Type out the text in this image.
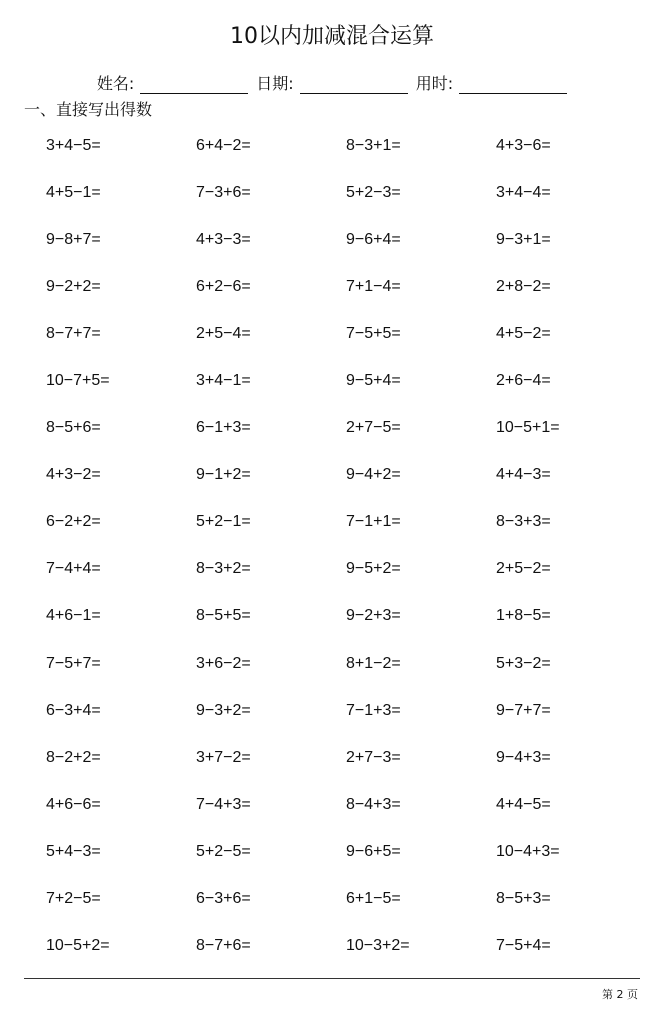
10以内加减混合运算
姓名:	日期:	用时:
一、直接写出得数
3+4−5=	6+4−2=	8−3+1=	4+3−6=
4+5−1=	7−3+6=	5+2−3=	3+4−4=
9−8+7=	4+3−3=	9−6+4=	9−3+1=
9−2+2=	6+2−6=	7+1−4=	2+8−2=
8−7+7=	2+5−4=	7−5+5=	4+5−2=
10−7+5=	3+4−1=	9−5+4=	2+6−4=
8−5+6=	6−1+3=	2+7−5=	10−5+1=
4+3−2=	9−1+2=	9−4+2=	4+4−3=
6−2+2=	5+2−1=	7−1+1=	8−3+3=
7−4+4=	8−3+2=	9−5+2=	2+5−2=
4+6−1=	8−5+5=	9−2+3=	1+8−5=
7−5+7=	3+6−2=	8+1−2=	5+3−2=
6−3+4=	9−3+2=	7−1+3=	9−7+7=
8−2+2=	3+7−2=	2+7−3=	9−4+3=
4+6−6=	7−4+3=	8−4+3=	4+4−5=
5+4−3=	5+2−5=	9−6+5=	10−4+3=
7+2−5=	6−3+6=	6+1−5=	8−5+3=
10−5+2=	8−7+6=	10−3+2=	7−5+4=
第 2 页
